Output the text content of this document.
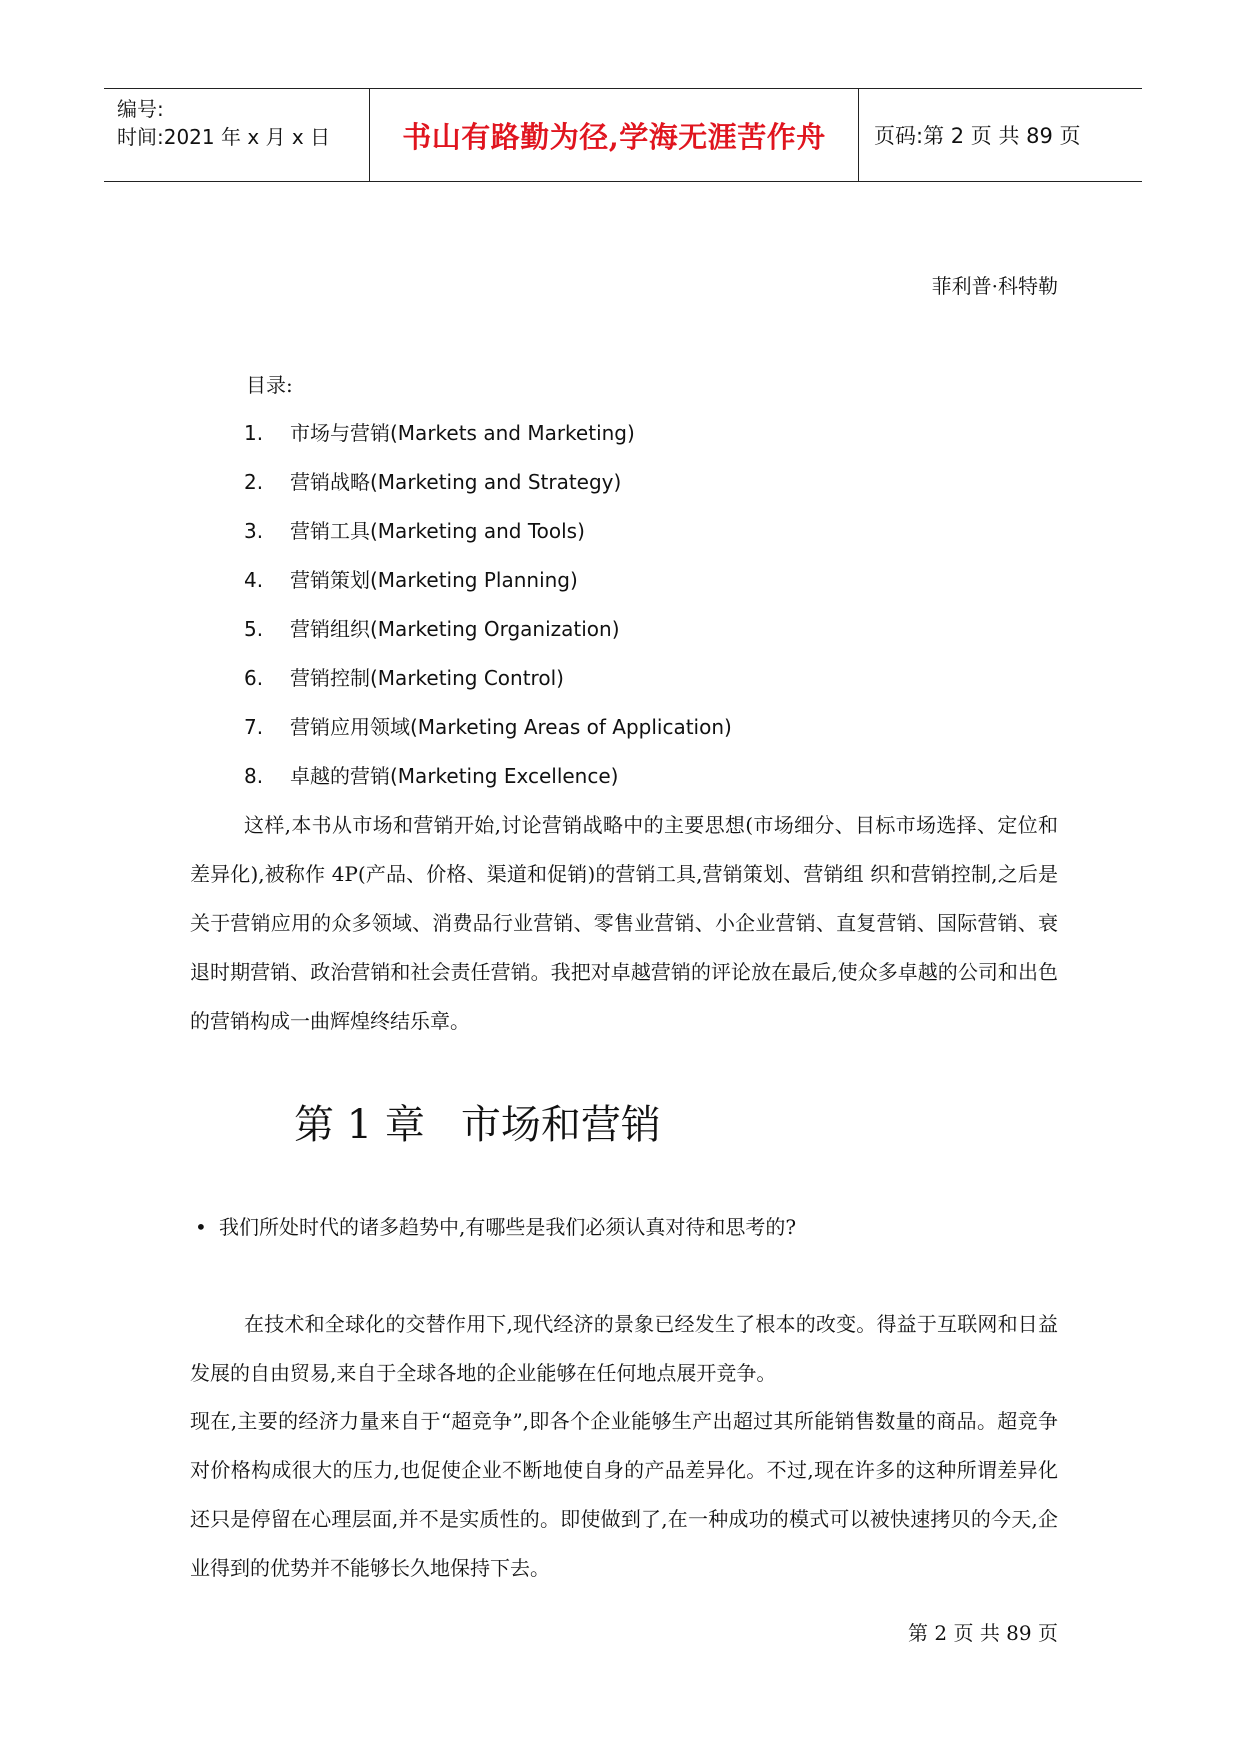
编号:
时间:2021 年 x 月 x 日	书山有路勤为径,学海无涯苦作舟	页码:第 2 页 共 89 页
菲利普·科特勒
目录:
1.	市场与营销 (Markets and Marketing)
2.	营销战略 (Marketing and Strategy)
3.	营销工具 (Marketing and Tools)
4.	营销策划 (Marketing Planning)
5.	营销组织 (Marketing Organization)
6.	营销控制 (Marketing Control)
7.	营销应用领域 (Marketing Areas of Application)
8.	卓越的营销 (Marketing Excellence)

这样,本书从市场和营销开始,讨论营销战略中的主要思想(市场细分、目标市场选择、定位和差异化),被称作 4P(产品、价格、渠道和促销)的营销工具,营销策划、营销组 织和营销控制,之后是关于营销应用的众多领域、消费品行业营销、零售业营销、小企业营销、直复营销、国际营销、衰退时期营销、政治营销和社会责任营销。我把对卓越营销的评论放在最后,使众多卓越的公司和出色的营销构成一曲辉煌终结乐章。

第 1 章 市场和营销
• 我们所处时代的诸多趋势中,有哪些是我们必须认真对待和思考的?

在技术和全球化的交替作用下,现代经济的景象已经发生了根本的改变。得益于互联网和日益发展的自由贸易,来自于全球各地的企业能够在任何地点展开竞争。

现在,主要的经济力量来自于“超竞争”,即各个企业能够生产出超过其所能销售数量的商品。超竞争对价格构成很大的压力,也促使企业不断地使自身的产品差异化。不过,现在许多的这种所谓差异化还只是停留在心理层面,并不是实质性的。即使做到了,在一种成功的模式可以被快速拷贝的今天,企业得到的优势并不能够长久地保持下去。

第 2 页 共 89 页
